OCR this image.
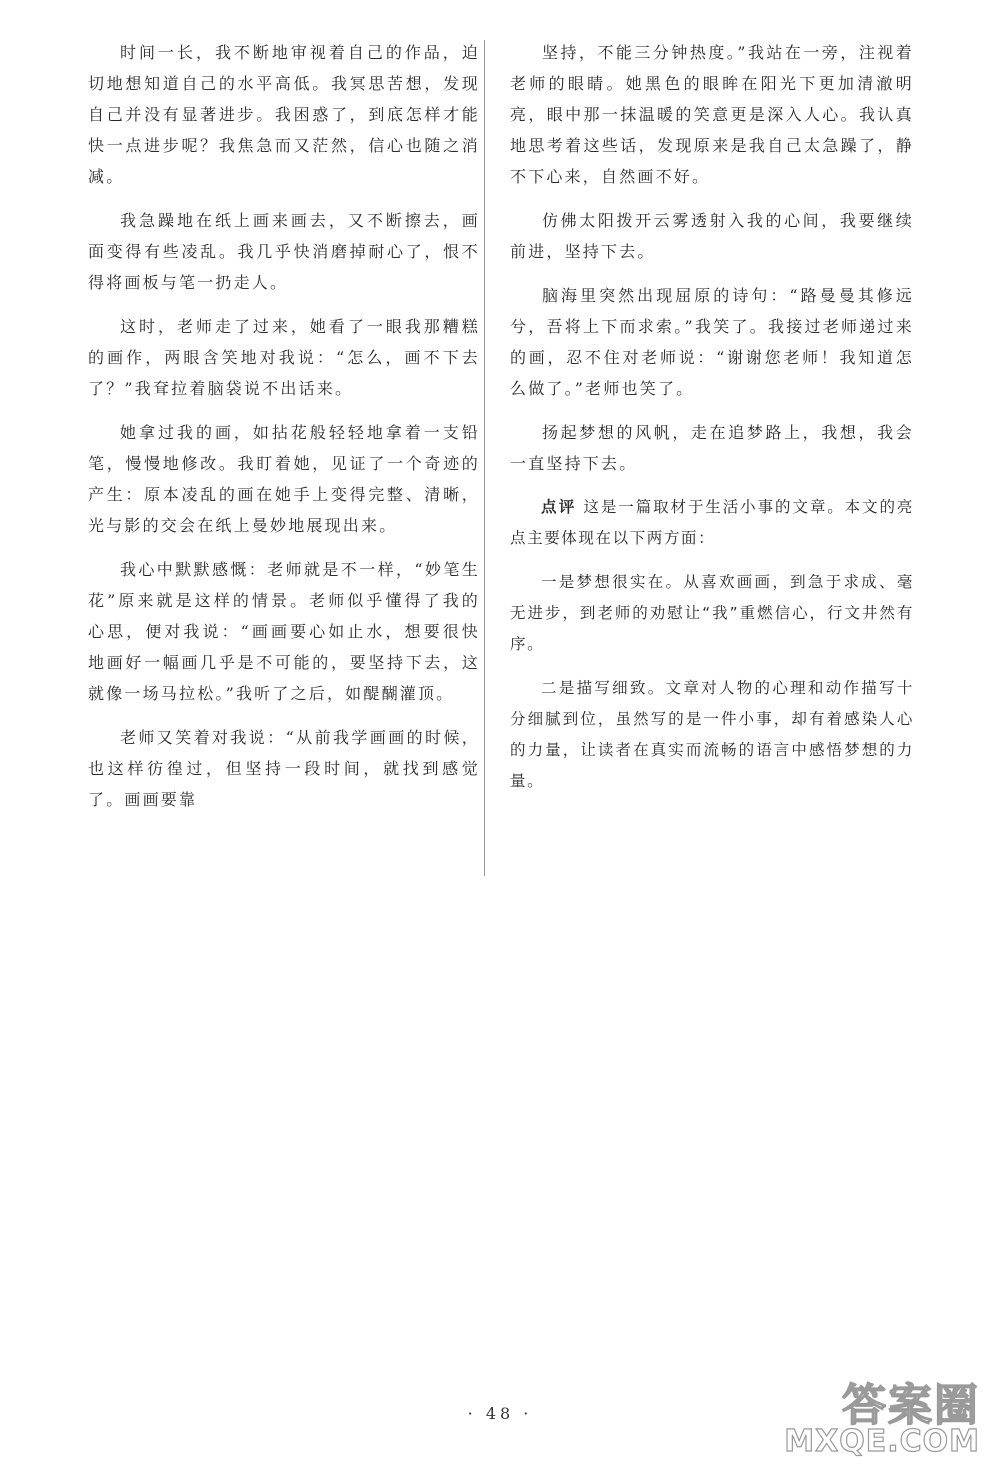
时间一长，我不断地审视着自己的作品，迫切地想知道自己的水平高低。我冥思苦想，发现自己并没有显著进步。我困惑了，到底怎样才能快一点进步呢？我焦急而又茫然，信心也随之消减。

我急躁地在纸上画来画去，又不断擦去，画面变得有些凌乱。我几乎快消磨掉耐心了，恨不得将画板与笔一扔走人。

这时，老师走了过来，她看了一眼我那糟糕的画作，两眼含笑地对我说：“怎么，画不下去了？”我耷拉着脑袋说不出话来。

她拿过我的画，如拈花般轻轻地拿着一支铅笔，慢慢地修改。我盯着她，见证了一个奇迹的产生：原本凌乱的画在她手上变得完整、清晰，光与影的交会在纸上曼妙地展现出来。

我心中默默感慨：老师就是不一样，“妙笔生花”原来就是这样的情景。老师似乎懂得了我的心思，便对我说：“画画要心如止水，想要很快地画好一幅画几乎是不可能的，要坚持下去，这就像一场马拉松。”我听了之后，如醍醐灌顶。

老师又笑着对我说：“从前我学画画的时候，也这样彷徨过，但坚持一段时间，就找到感觉了。画画要靠

坚持，不能三分钟热度。”我站在一旁，注视着老师的眼睛。她黑色的眼眸在阳光下更加清澈明亮，眼中那一抹温暖的笑意更是深入人心。我认真地思考着这些话，发现原来是我自己太急躁了，静不下心来，自然画不好。

仿佛太阳拨开云雾透射入我的心间，我要继续前进，坚持下去。

脑海里突然出现屈原的诗句：“路曼曼其修远兮，吾将上下而求索。”我笑了。我接过老师递过来的画，忍不住对老师说：“谢谢您老师！我知道怎么做了。”老师也笑了。

扬起梦想的风帆，走在追梦路上，我想，我会一直坚持下去。

点评 这是一篇取材于生活小事的文章。本文的亮点主要体现在以下两方面：

一是梦想很实在。从喜欢画画，到急于求成、毫无进步，到老师的劝慰让“我”重燃信心，行文井然有序。

二是描写细致。文章对人物的心理和动作描写十分细腻到位，虽然写的是一件小事，却有着感染人心的力量，让读者在真实而流畅的语言中感悟梦想的力量。

· 48 ·	答案圈
MXQE.COM
